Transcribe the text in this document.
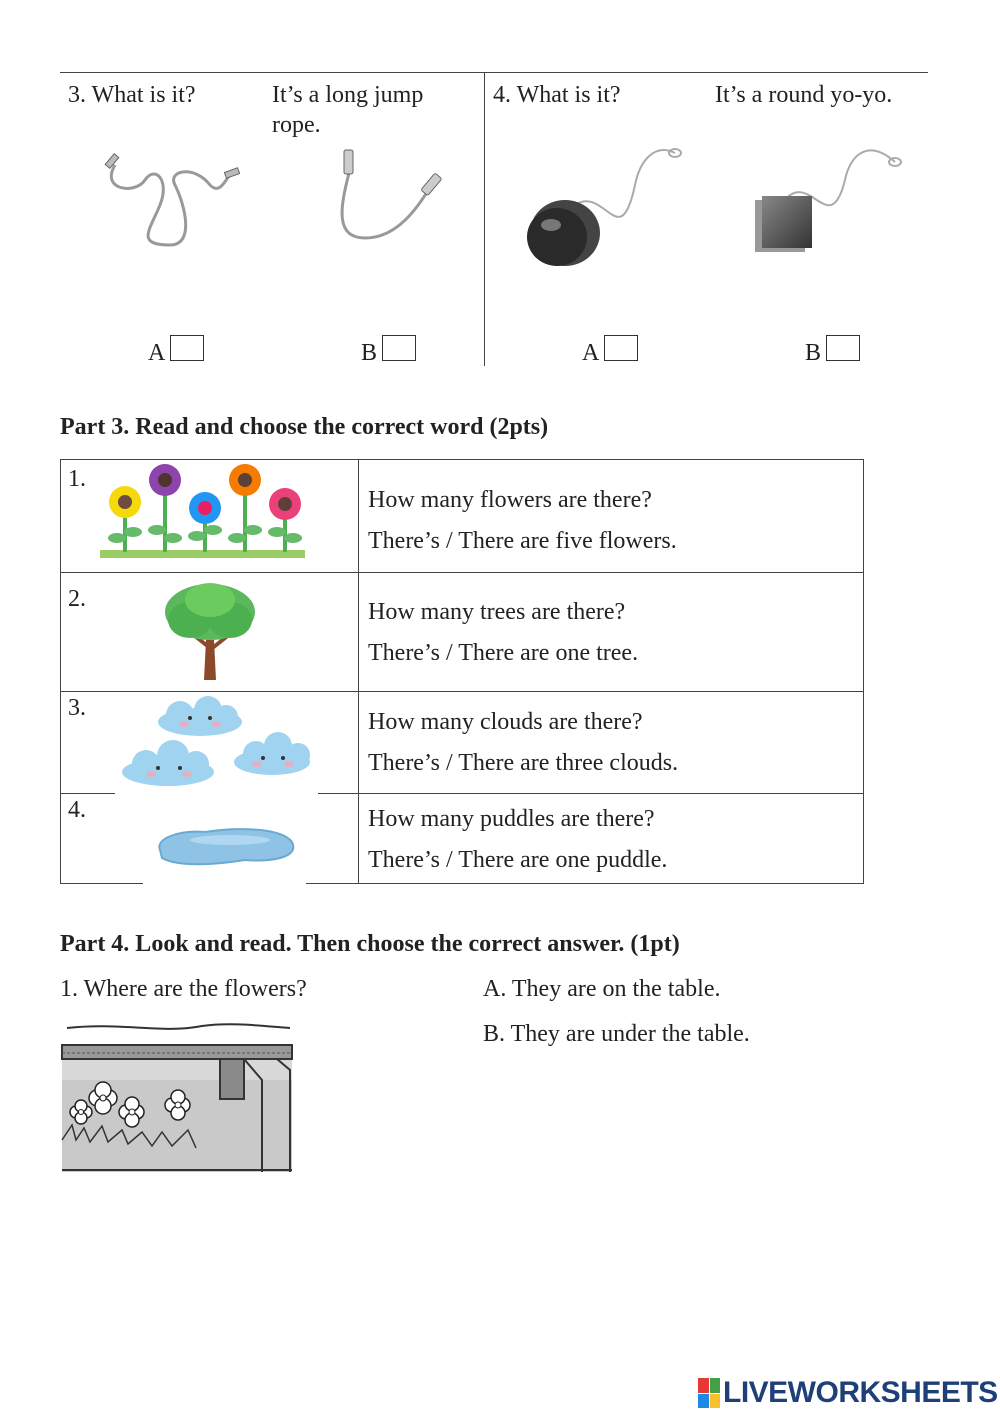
3. What is it?	It’s a long jump
rope.
A	B
4. What is it?	It’s a round yo-yo.
A	B
Part 3. Read and choose the correct word (2pts)
1.
How many flowers are there?
There’s / There are five flowers.
2.	How many trees are there?
There’s / There are one tree.
3.
How many clouds are there?
There’s / There are three clouds.
4.	How many puddles are there?
There’s / There are one puddle.
Part 4. Look and read. Then choose the correct answer. (1pt)
1. Where are the flowers?	A. They are on the table.
B. They are under the table.
LIVEWORKSHEETS
